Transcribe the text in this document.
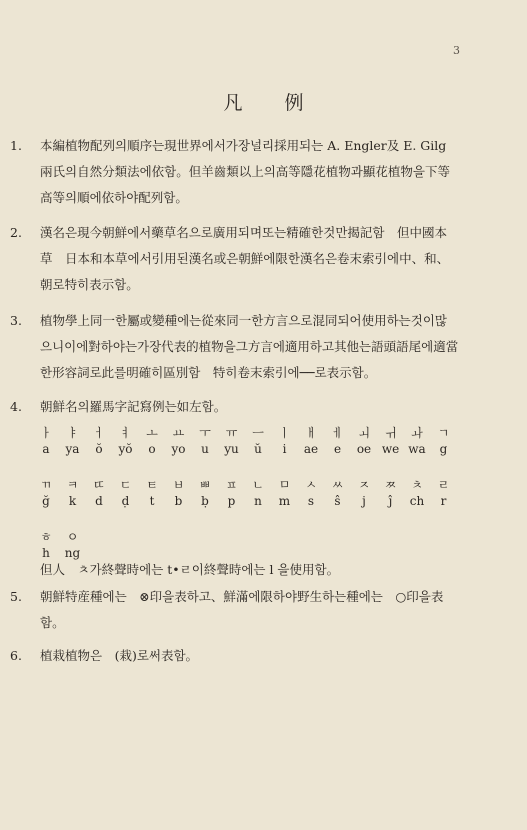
3
凡例
1.	本編植物配列의順序는現世界에서가장널리採用되는 A. Engler及 E. Gilg
兩氏의自然分類法에依함。但羊齒類以上의高等隱花植物과顯花植物을下等
高等의順에依하야配列함。
2.	漢名은現今朝鮮에서藥草名으로廣用되며또는精確한것만揭記함　但中國本
草　日本和本草에서引用된漢名或은朝鮮에限한漢名은卷末索引에中、和、
朝로特히表示함。
3.	植物學上同一한屬或變種에는從來同一한方言으로混同되어使用하는것이많
으니이에對하야는가장代表的植物을그方言에適用하고其他는語頭語尾에適當
한形容詞로此를明確히區別함　特히卷末索引에──로表示함。
4.	朝鮮名의羅馬字記寫例는如左함。
ㅏ	ㅑ	ㅓ	ㅕ	ㅗ	ㅛ	ㅜ	ㅠ	ㅡ	ㅣ	ㅐ	ㅔ	ㅚ	ㅟ	ㅘ	ㄱ
a	ya	ŏ	yŏ	o	yo	u	yu	ŭ	i	ae	e	oe we wa	g
ㄲ	ㅋ	ㄸ	ㄷ	ㅌ	ㅂ	ㅃ	ㅍ	ㄴ	ㅁ	ㅅ	ㅆ	ㅈ	ㅉ	ㅊ	ㄹ
ğ	k	d	ḍ	t	b	ḅ	p	n	m	s	ŝ	j	ĵ	ch	r
ㅎ	ㅇ
h	ng
但人　ㅊ가終聲時에는 t•ㄹ이終聲時에는 l 을使用함。
5.	朝鮮特産種에는　⊗印을表하고、鮮滿에限하야野生하는種에는　○印을表
함。
6.	植栽植物은　(栽)로써表함。
